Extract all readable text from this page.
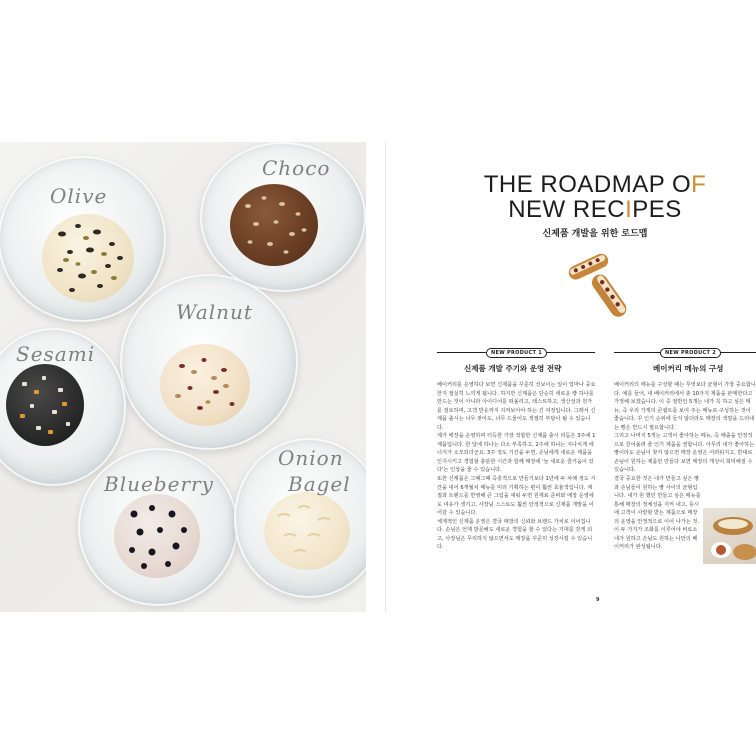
Olive
Choco
Walnut
Sesami
Blueberry
Onion
Bagel
THE ROADMAP OF
NEW RECIPES
신제품 개발을 위한 로드맵
NEW PRODUCT 1
신제품 개발 주기와 운영 전략

베이커리를 운영하다 보면 신제품을 꾸준히 선보이는 일이 얼마나 중요한지 절실히 느끼게 됩니다. 하지만 신제품은 단순히 새로운 빵 하나를 만드는 것이 아니라 아이디어를 떠올리고, 테스트하고, 생산성과 원가를 검토하며, 고객 반응까지 지켜보아야 하는 긴 여정입니다. 그래서 신제품 출시는 너무 잦아도, 너무 드물어도 적절히 부담이 될 수 있습니다.

제가 매장을 운영하며 터득한 가장 적합한 신제품 출시 리듬은 3주에 1제품입니다. 한 달에 하나는 다소 부족하고, 2주에 하나는 지나치게 에너지가 소모되더군요. 3주 정도 기간을 두면, 손님에게 새로운 제품을 인지시키고 경험할 충분한 시간과 함께 매장에 '늘 새로운 즐거움이 있다'는 인상을 줄 수 있습니다.

또한 신제품은 그때그때 즉흥적으로 만들기보다 1년에 두 차례 정도 시간을 내어 6개월치 메뉴를 미리 기획하는 편이 훨씬 효율적입니다. 계절과 트렌드를 반영해 큰 그림을 세워 두면 원재료 준비와 매장 운영에도 여유가 생기고, 사장님 스스로도 훨씬 안정적으로 신제품 개발을 이어갈 수 있습니다.

체계적인 신제품 운영은 결국 매장의 신뢰와 브랜드 가치로 이어집니다. 손님은 언제 방문해도 새로운 경험을 할 수 있다는 기대를 갖게 되고, 사장님은 무리하지 않으면서도 매장을 꾸준히 성장시킬 수 있습니다.

NEW PRODUCT 2
베이커리 메뉴의 구성

베이커리의 메뉴를 구성할 때는 무엇보다 균형이 가장 중요합니다. 예를 들어, 내 베이커리에서 총 10가지 제품을 판매한다고 가정해 보겠습니다. 이 중 절반인 5개는 내가 꼭 하고 싶은 메뉴, 즉 우리 가게의 콘셉트를 보여 주는 메뉴로 구성하는 것이 좋습니다. 꾸 인기 순위에 들지 않더라도 매장의 색깔을 드러내는 빵은 반드시 필요합니다.

그리고 나머지 5개는 고객이 좋아하는 메뉴, 즉 매출을 안정적으로 끌어올려 줄 인기 제품을 권합니다. 아무리 내가 좋아하는 빵이라도 손님이 찾지 않으면 매장 운영은 어려워지고, 반대로 손님이 원하는 제품만 만들다 보면 매장의 개성이 희미해질 수 있습니다.

결국 중요한 것은 내가 만들고 싶은 빵과 손님들이 원하는 빵 사이의 균형입니다. 내가 원 했던 만들고 싶은 메뉴를 통해 매장의 정체성을 지켜 내고, 동시에 고객이 사랑할 받는 제품으로 매장의 운영을 안정적으로 이어 나가는 것. 이 두 가지가 조화를 이루어야 비로소 내가 원하고 손님도 원하는 나만의 베이커리가 완성됩니다.

9
